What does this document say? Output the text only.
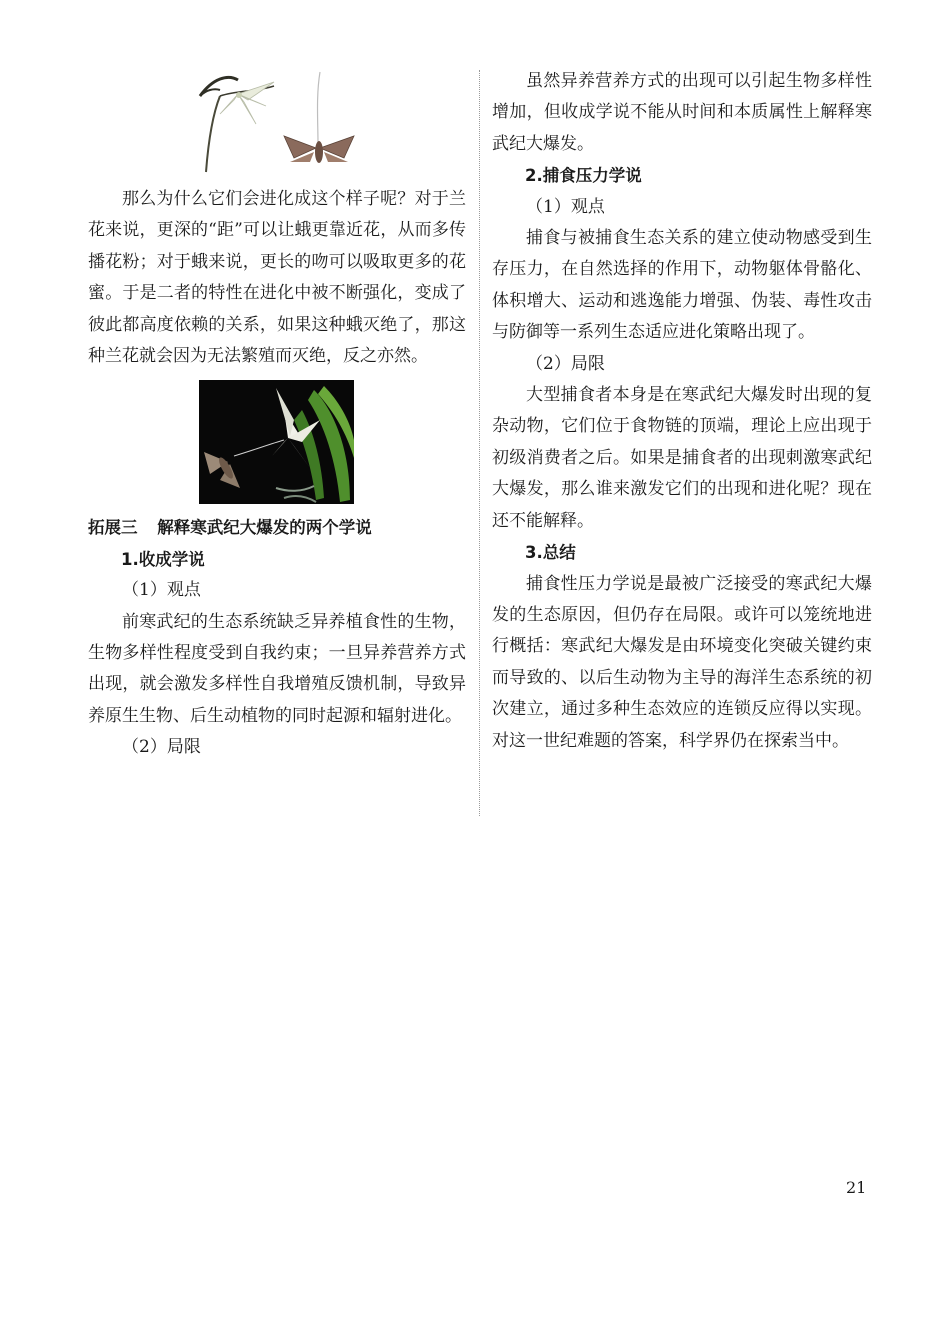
那么为什么它们会进化成这个样子呢？对于兰花来说，更深的“距”可以让蛾更靠近花，从而多传播花粉；对于蛾来说，更长的吻可以吸取更多的花蜜。于是二者的特性在进化中被不断强化，变成了彼此都高度依赖的关系，如果这种蛾灭绝了，那这种兰花就会因为无法繁殖而灭绝，反之亦然。

拓展三 解释寒武纪大爆发的两个学说

1.收成学说

（1）观点

前寒武纪的生态系统缺乏异养植食性的生物，生物多样性程度受到自我约束；一旦异养营养方式出现，就会激发多样性自我增殖反馈机制，导致异养原生生物、后生动植物的同时起源和辐射进化。

（2）局限

虽然异养营养方式的出现可以引起生物多样性增加，但收成学说不能从时间和本质属性上解释寒武纪大爆发。

2.捕食压力学说

（1）观点

捕食与被捕食生态关系的建立使动物感受到生存压力，在自然选择的作用下，动物躯体骨骼化、体积增大、运动和逃逸能力增强、伪装、毒性攻击与防御等一系列生态适应进化策略出现了。

（2）局限

大型捕食者本身是在寒武纪大爆发时出现的复杂动物，它们位于食物链的顶端，理论上应出现于初级消费者之后。如果是捕食者的出现刺激寒武纪大爆发，那么谁来激发它们的出现和进化呢？现在还不能解释。

3.总结

捕食性压力学说是最被广泛接受的寒武纪大爆发的生态原因，但仍存在局限。或许可以笼统地进行概括：寒武纪大爆发是由环境变化突破关键约束而导致的、以后生动物为主导的海洋生态系统的初次建立，通过多种生态效应的连锁反应得以实现。对这一世纪难题的答案，科学界仍在探索当中。

21
